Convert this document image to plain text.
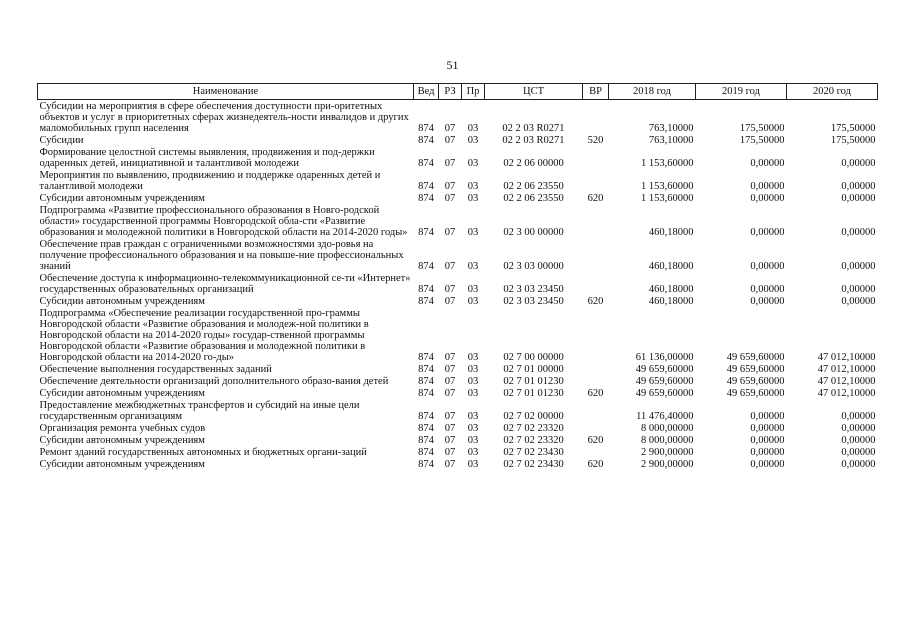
51
Наименование	Вед	РЗ	Пр	ЦСТ	ВР	2018 год	2019 год	2020 год
Субсидии на мероприятия в сфере обеспечения доступности при-оритетных объектов и услуг в приоритетных сферах жизнедеятель-ности инвалидов и других маломобильных групп населения	874	07	03	02 2 03 R0271		763,10000	175,50000	175,50000
Субсидии	874	07	03	02 2 03 R0271	520	763,10000	175,50000	175,50000
Формирование целостной системы выявления, продвижения и под-держки одаренных детей, инициативной и талантливой молодежи	874	07	03	02 2 06 00000		1 153,60000	0,00000	0,00000
Мероприятия по выявлению, продвижению и поддержке одаренных детей и талантливой молодежи	874	07	03	02 2 06 23550		1 153,60000	0,00000	0,00000
Субсидии автономным учреждениям	874	07	03	02 2 06 23550	620	1 153,60000	0,00000	0,00000
Подпрограмма «Развитие профессионального образования в Новго-родской области» государственной программы Новгородской обла-сти «Развитие образования и молодежной политики в Новгородской области на 2014-2020 годы»	874	07	03	02 3 00 00000		460,18000	0,00000	0,00000
Обеспечение прав граждан с ограниченными возможностями здо-ровья на получение профессионального образования и на повыше-ние профессиональных знаний	874	07	03	02 3 03 00000		460,18000	0,00000	0,00000
Обеспечение доступа к информационно-телекоммуникационной се-ти «Интернет» государственных образовательных организаций	874	07	03	02 3 03 23450		460,18000	0,00000	0,00000
Субсидии автономным учреждениям	874	07	03	02 3 03 23450	620	460,18000	0,00000	0,00000
Подпрограмма «Обеспечение реализации государственной про-граммы Новгородской области «Развитие образования и молодеж-ной политики в Новгородской области на 2014-2020 годы» государ-ственной программы Новгородской области «Развитие образования и молодежной политики в Новгородской области на 2014-2020 го-ды»	874	07	03	02 7 00 00000		61 136,00000	49 659,60000	47 012,10000
Обеспечение выполнения государственных заданий	874	07	03	02 7 01 00000		49 659,60000	49 659,60000	47 012,10000
Обеспечение деятельности организаций дополнительного образо-вания детей	874	07	03	02 7 01 01230		49 659,60000	49 659,60000	47 012,10000
Субсидии автономным учреждениям	874	07	03	02 7 01 01230	620	49 659,60000	49 659,60000	47 012,10000
Предоставление межбюджетных трансфертов и субсидий на иные цели государственным организациям	874	07	03	02 7 02 00000		11 476,40000	0,00000	0,00000
Организация ремонта учебных судов	874	07	03	02 7 02 23320		8 000,00000	0,00000	0,00000
Субсидии автономным учреждениям	874	07	03	02 7 02 23320	620	8 000,00000	0,00000	0,00000
Ремонт зданий государственных автономных и бюджетных органи-заций	874	07	03	02 7 02 23430		2 900,00000	0,00000	0,00000
Субсидии автономным учреждениям	874	07	03	02 7 02 23430	620	2 900,00000	0,00000	0,00000
